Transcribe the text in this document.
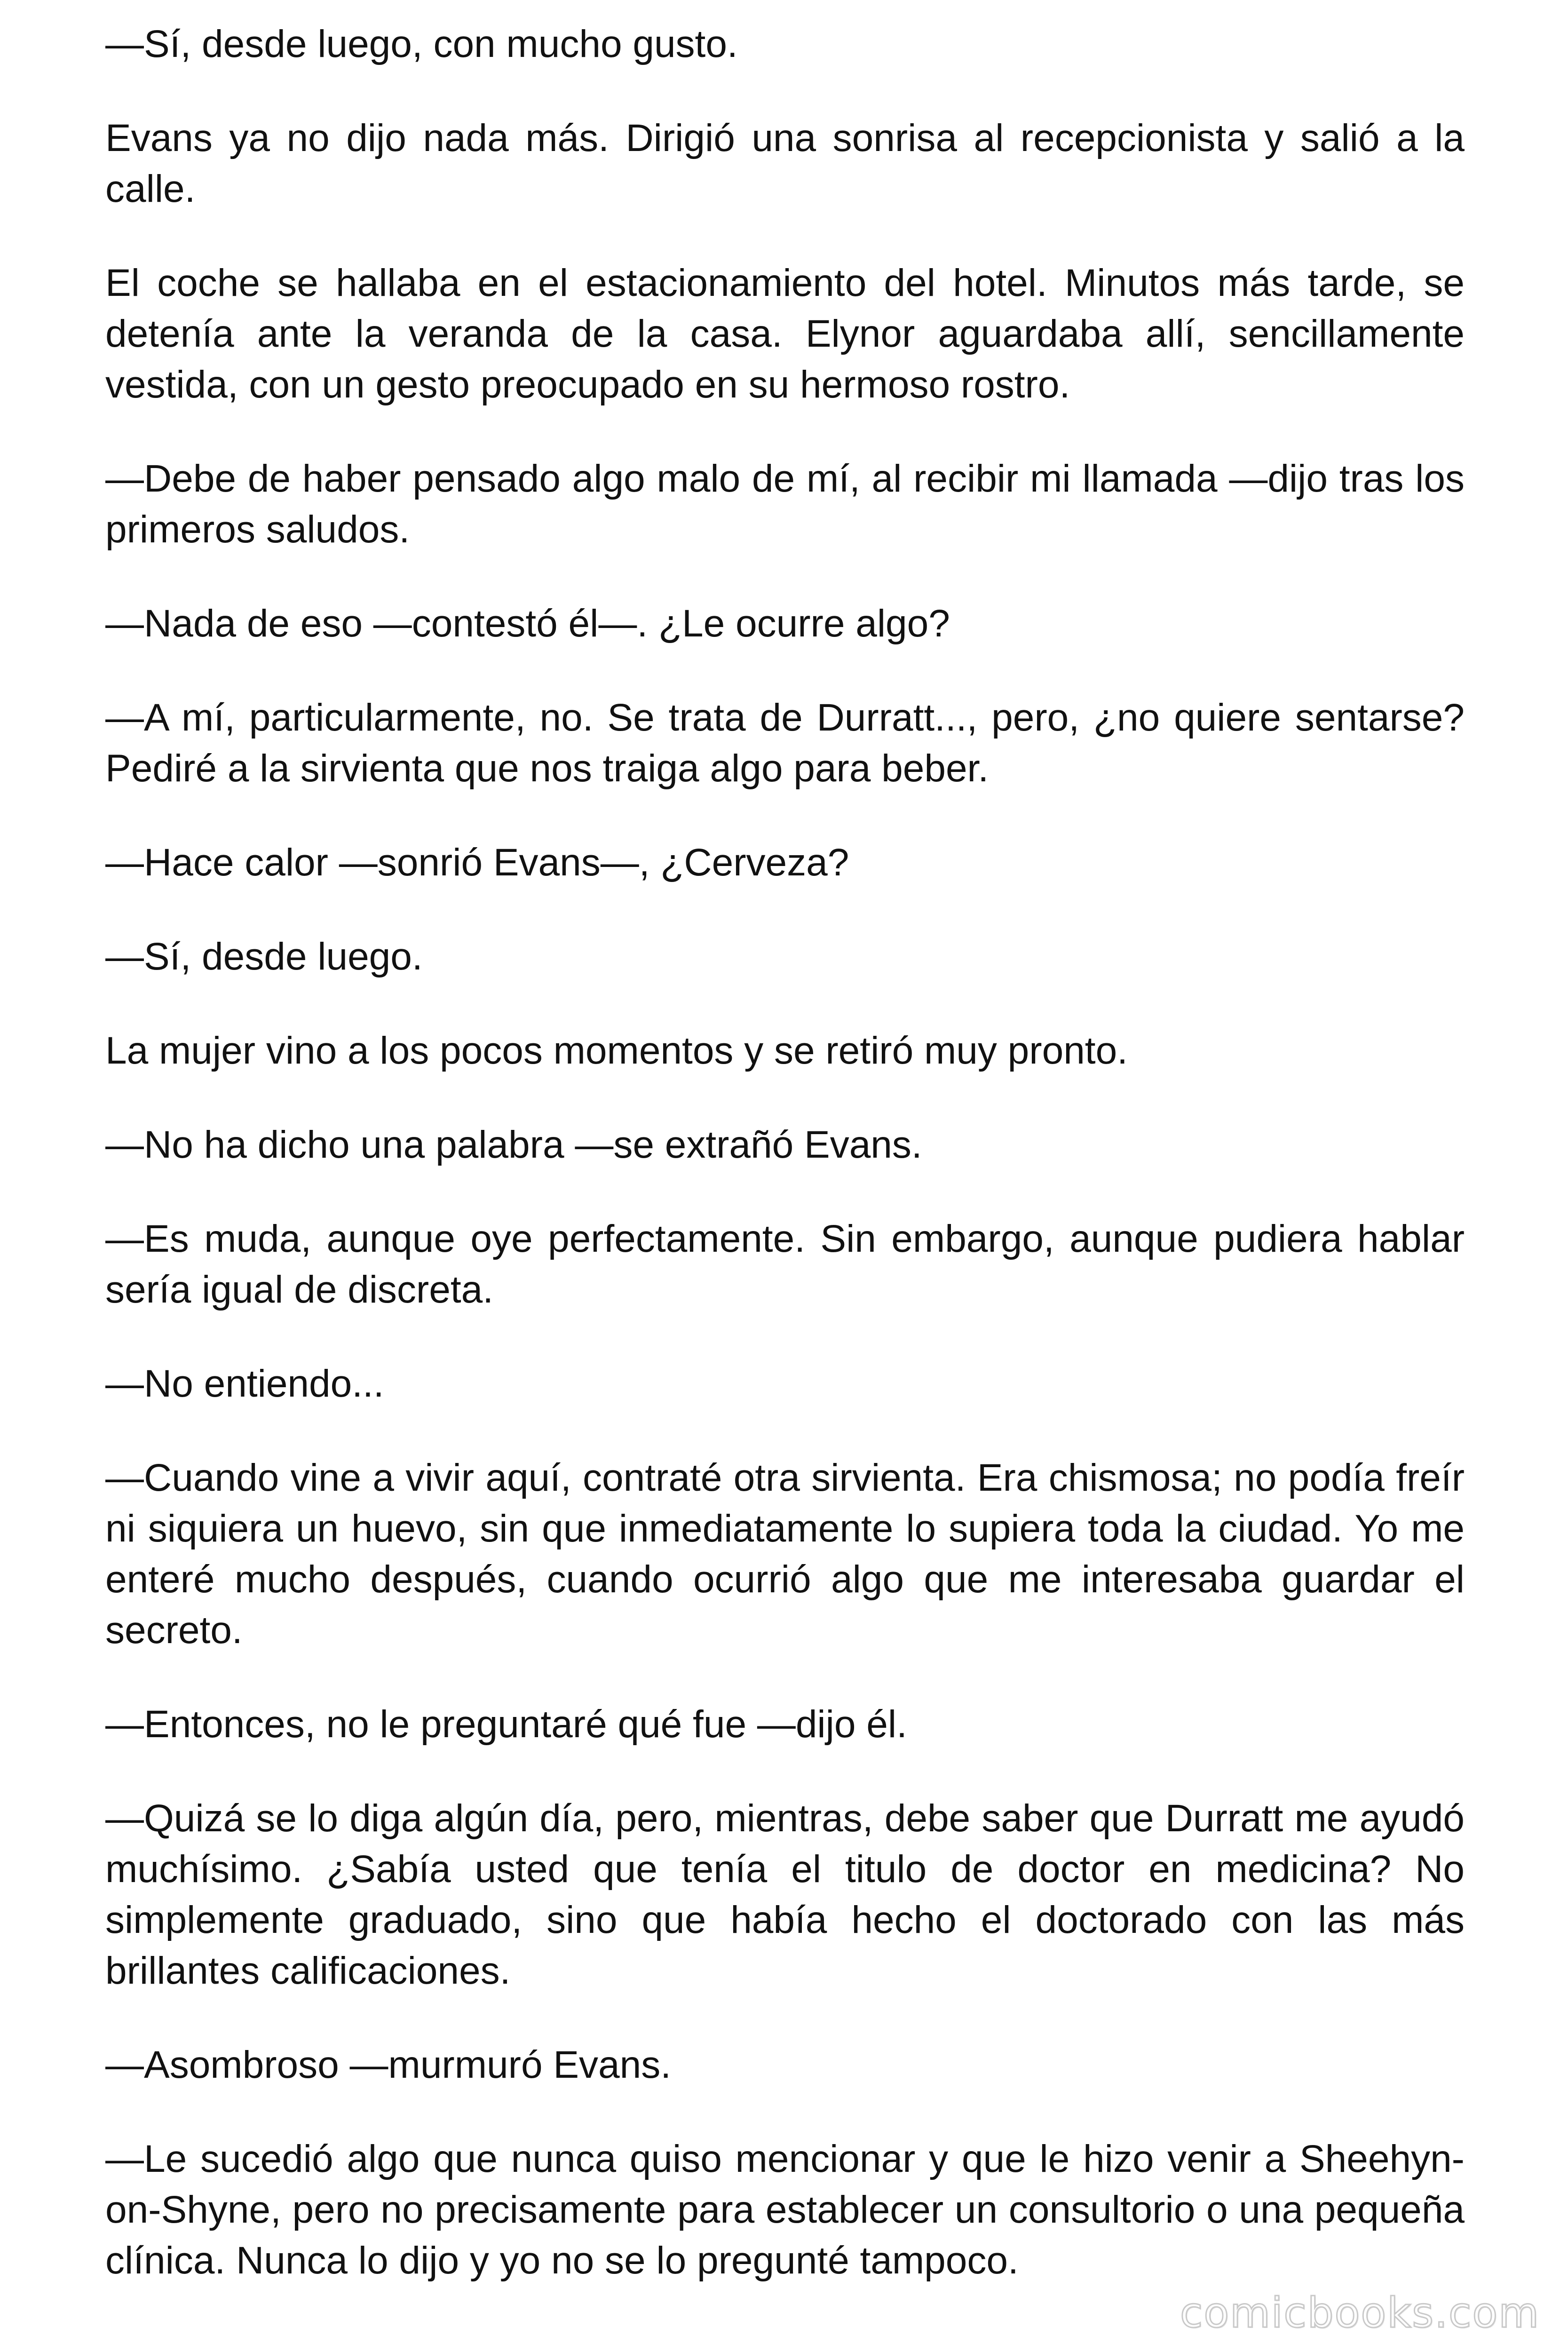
—Sí, desde luego, con mucho gusto.

Evans ya no dijo nada más. Dirigió una sonrisa al recepcionista y salió a la calle.

El coche se hallaba en el estacionamiento del hotel. Minutos más tarde, se detenía ante la veranda de la casa. Elynor aguardaba allí, sencillamente vestida, con un gesto preocupado en su hermoso rostro.

—Debe de haber pensado algo malo de mí, al recibir mi llamada —dijo tras los primeros saludos.

—Nada de eso —contestó él—. ¿Le ocurre algo?

—A mí, particularmente, no. Se trata de Durratt..., pero, ¿no quiere sentarse? Pediré a la sirvienta que nos traiga algo para beber.

—Hace calor —sonrió Evans—, ¿Cerveza?

—Sí, desde luego.

La mujer vino a los pocos momentos y se retiró muy pronto.

—No ha dicho una palabra —se extrañó Evans.

—Es muda, aunque oye perfectamente. Sin embargo, aunque pudiera hablar sería igual de discreta.

—No entiendo...

—Cuando vine a vivir aquí, contraté otra sirvienta. Era chismosa; no podía freír ni siquiera un huevo, sin que inmediatamente lo supiera toda la ciudad. Yo me enteré mucho después, cuando ocurrió algo que me interesaba guardar el secreto.

—Entonces, no le preguntaré qué fue —dijo él.

—Quizá se lo diga algún día, pero, mientras, debe saber que Durratt me ayudó muchísimo. ¿Sabía usted que tenía el titulo de doctor en medicina? No simplemente graduado, sino que había hecho el doctorado con las más brillantes calificaciones.

—Asombroso —murmuró Evans.

—Le sucedió algo que nunca quiso mencionar y que le hizo venir a Sheehyn-on-Shyne, pero no precisamente para establecer un consultorio o una pequeña clínica. Nunca lo dijo y yo no se lo pregunté tampoco.

comicbooks.com
